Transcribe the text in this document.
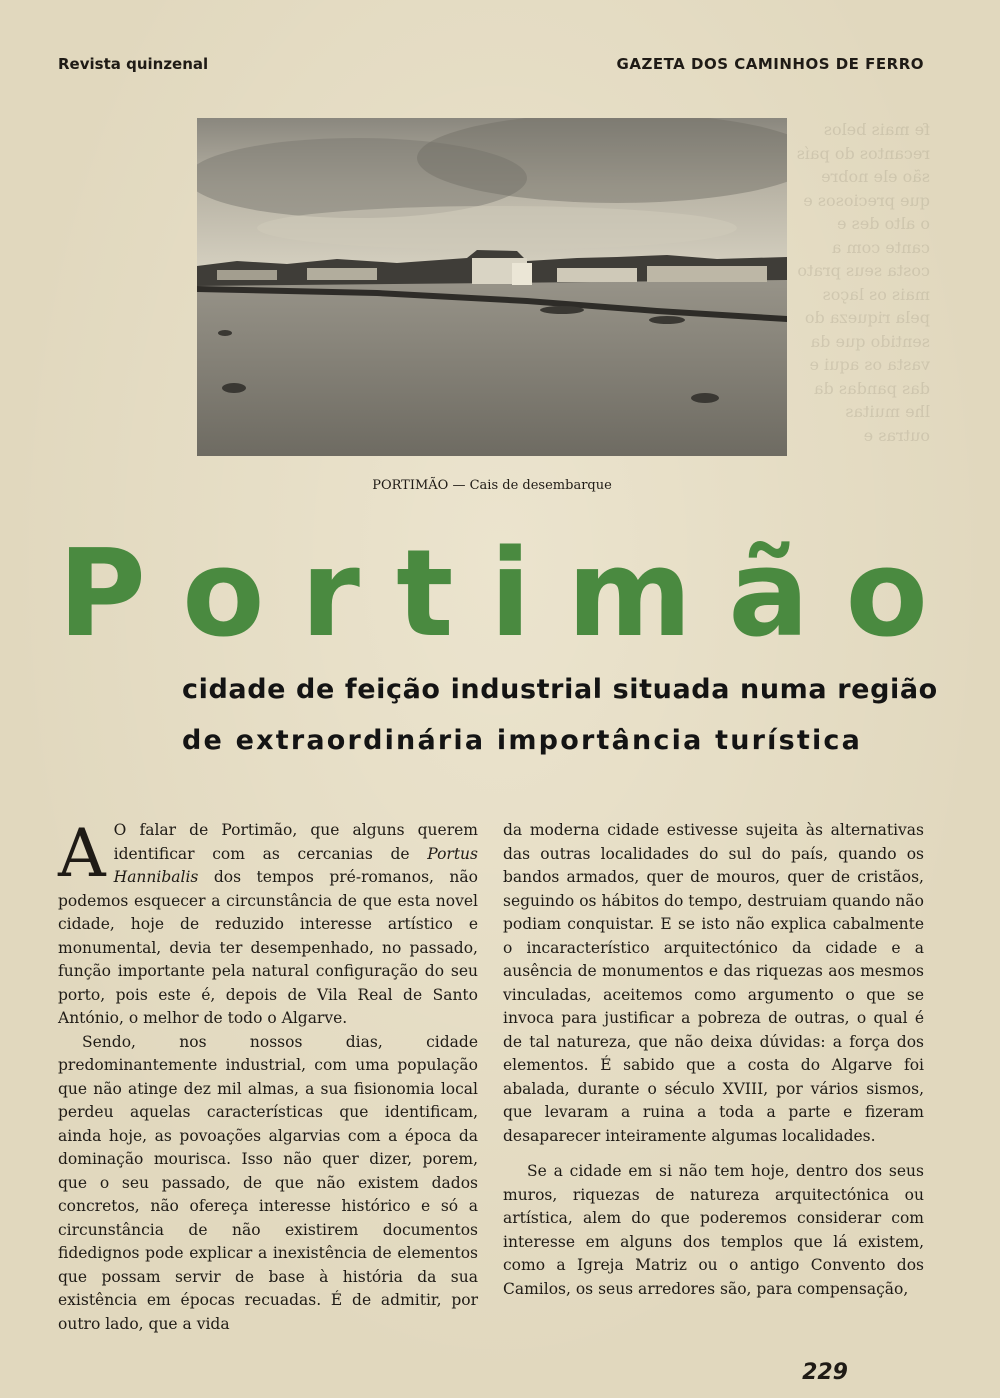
fe mais belos recantos do país são ele nobre que preciosos e o alto des e cante com a costa seus prato mais os laços pela riqueza do sentido que da vasta os aqui e das pandas da lhe muitas outras e
Revista quinzenal	GAZETA DOS CAMINHOS DE FERRO
PORTIMÃO — Cais de desembarque
P o r t i m ã o
cidade de feição industrial situada numa região
de extraordinária importância turística

A O falar de Portimão, que alguns querem identificar com as cercanias de Portus Hannibalis dos tempos pré-romanos, não podemos esquecer a circunstância de que esta novel cidade, hoje de reduzido interesse artístico e monumental, devia ter desempenhado, no passado, função importante pela natural configuração do seu porto, pois este é, depois de Vila Real de Santo António, o melhor de todo o Algarve.

Sendo, nos nossos dias, cidade predominantemente industrial, com uma população que não atinge dez mil almas, a sua fisionomia local perdeu aquelas características que identificam, ainda hoje, as povoações algarvias com a época da dominação mourisca. Isso não quer dizer, porem, que o seu passado, de que não existem dados concretos, não ofereça interesse histórico e só a circunstância de não existirem documentos fidedignos pode explicar a inexistência de elementos que possam servir de base à história da sua existência em épocas recuadas. É de admitir, por outro lado, que a vida

da moderna cidade estivesse sujeita às alternativas das outras localidades do sul do país, quando os bandos armados, quer de mouros, quer de cristãos, seguindo os hábitos do tempo, destruiam quando não podiam conquistar. E se isto não explica cabalmente o incaracterístico arquitectónico da cidade e a ausência de monumentos e das riquezas aos mesmos vinculadas, aceitemos como argumento o que se invoca para justificar a pobreza de outras, o qual é de tal natureza, que não deixa dúvidas: a força dos elementos. É sabido que a costa do Algarve foi abalada, durante o século XVIII, por vários sismos, que levaram a ruina a toda a parte e fizeram desaparecer inteiramente algumas localidades.

Se a cidade em si não tem hoje, dentro dos seus muros, riquezas de natureza arquitectónica ou artística, alem do que poderemos considerar com interesse em alguns dos templos que lá existem, como a Igreja Matriz ou o antigo Convento dos Camilos, os seus arredores são, para compensação,

229
